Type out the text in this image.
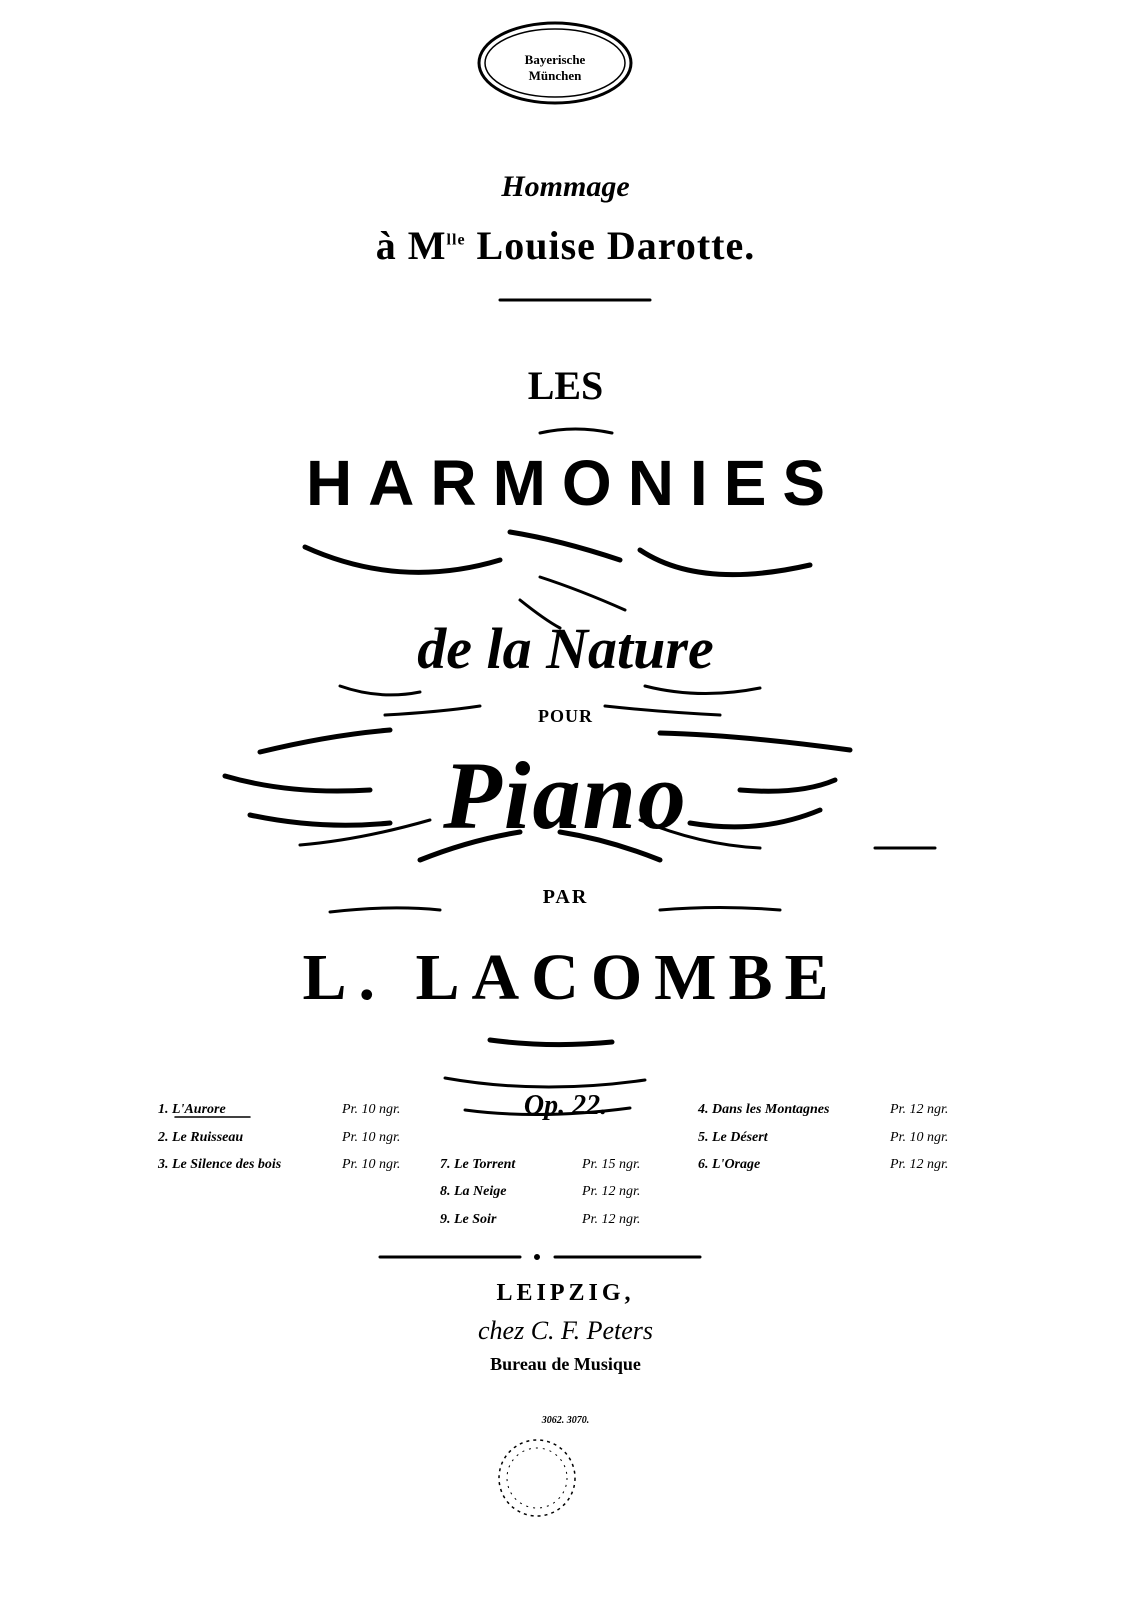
Bayerische
München
Hommage
à $M^{lle}$ Louise Darotte.
LES
HARMONIES
de la Nature
POUR
Piano
PAR
L. LACOMBE
Op. 22.
1. L'Aurore	Pr. 10 ngr.
2. Le Ruisseau	Pr. 10 ngr.
3. Le Silence des bois	Pr. 10 ngr.
4. Dans les Montagnes	Pr. 12 ngr.
5. Le Désert	Pr. 10 ngr.
6. L'Orage	Pr. 12 ngr.
7. Le Torrent	Pr. 15 ngr.
8. La Neige	Pr. 12 ngr.
9. Le Soir	Pr. 12 ngr.
LEIPZIG,
chez C. F. Peters
Bureau de Musique
3062. 3070.
